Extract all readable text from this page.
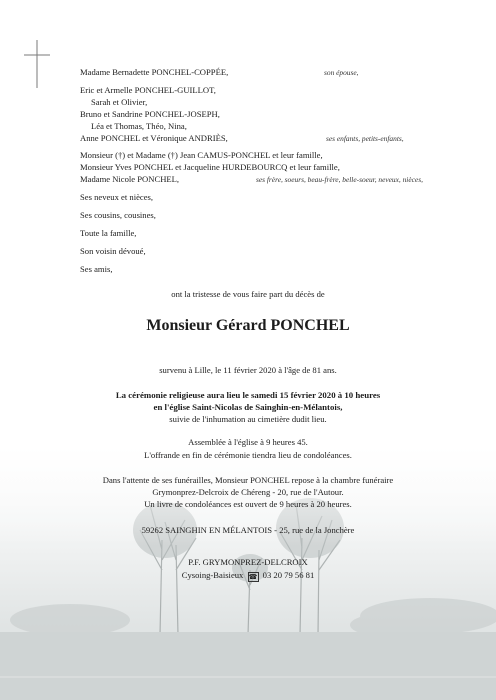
Madame Bernadette PONCHEL-COPPÉE,	son épouse,
Eric et Armelle PONCHEL-GUILLOT,
Sarah et Olivier,
Bruno et Sandrine PONCHEL-JOSEPH,
Léa et Thomas, Théo, Nina,
Anne PONCHEL et Véronique ANDRIÈS,	ses enfants, petits-enfants,
Monsieur (†) et Madame (†) Jean CAMUS-PONCHEL et leur famille,
Monsieur Yves PONCHEL et Jacqueline HURDEBOURCQ et leur famille,
Madame Nicole PONCHEL,	ses frère, soeurs, beau-frère, belle-soeur, neveux, nièces,
Ses neveux et nièces,
Ses cousins, cousines,
Toute la famille,
Son voisin dévoué,
Ses amis,
ont la tristesse de vous faire part du décès de
Monsieur Gérard PONCHEL
survenu à Lille, le 11 février 2020 à l'âge de 81 ans.
La cérémonie religieuse aura lieu le samedi 15 février 2020 à 10 heures
en l'église Saint-Nicolas de Sainghin-en-Mélantois,
suivie de l'inhumation au cimetière dudit lieu.
Assemblée à l'église à 9 heures 45.
L'offrande en fin de cérémonie tiendra lieu de condoléances.
Dans l'attente de ses funérailles, Monsieur PONCHEL repose à la chambre funéraire
Grymonprez-Delcroix de Chéreng - 20, rue de l'Autour.
Un livre de condoléances est ouvert de 9 heures à 20 heures.
59262 SAINGHIN EN MÉLANTOIS - 25, rue de la Jonchère
P.F. GRYMONPREZ-DELCROIX
Cysoing-Baisieux ☎ 03 20 79 56 81
